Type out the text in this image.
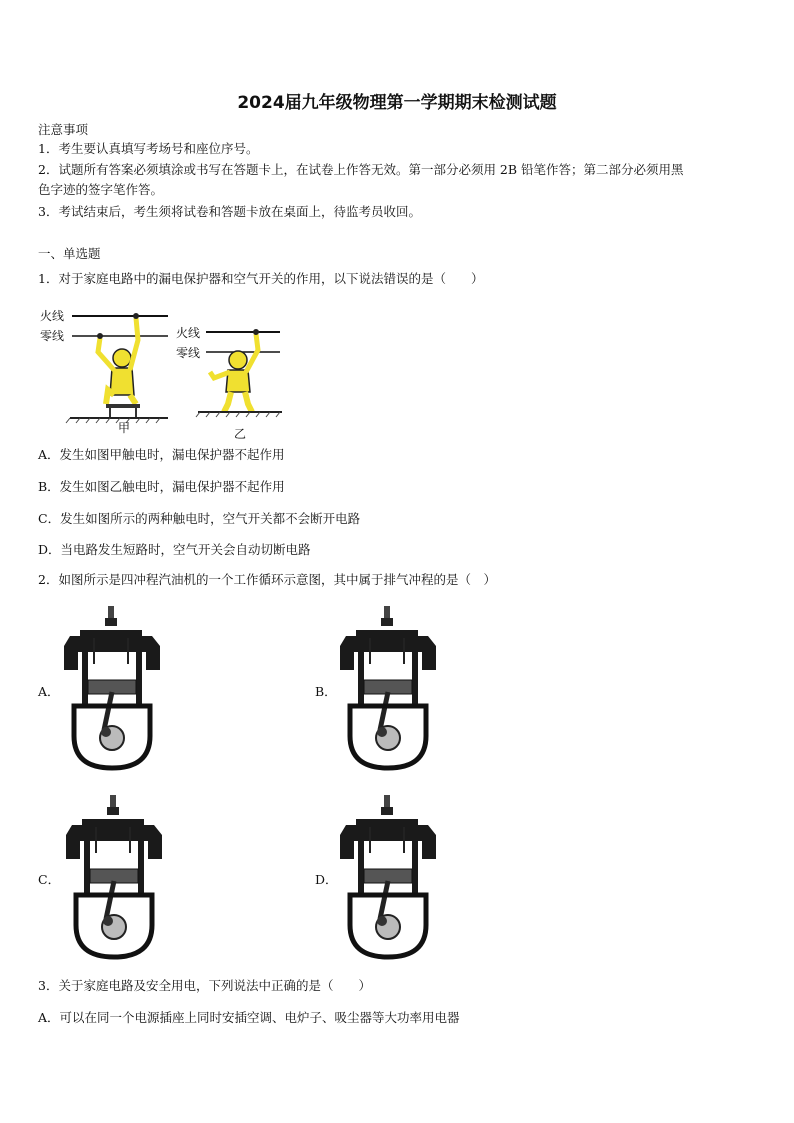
2024届九年级物理第一学期期末检测试题
注意事项
1．考生要认真填写考场号和座位序号。
2．试题所有答案必须填涂或书写在答题卡上，在试卷上作答无效。第一部分必须用 2B 铅笔作答；第二部分必须用黑
色字迹的签字笔作答。
3．考试结束后，考生须将试卷和答题卡放在桌面上，待监考员收回。
一、单选题
1．对于家庭电路中的漏电保护器和空气开关的作用，以下说法错误的是（　　）
火线
零线
甲
火线
零线
乙
A．发生如图甲触电时，漏电保护器不起作用
B．发生如图乙触电时，漏电保护器不起作用
C．发生如图所示的两种触电时，空气开关都不会断开电路
D．当电路发生短路时，空气开关会自动切断电路
2．如图所示是四冲程汽油机的一个工作循环示意图，其中属于排气冲程的是（　）
A．	B．
C．	D．
3．关于家庭电路及安全用电，下列说法中正确的是（　　）
A．可以在同一个电源插座上同时安插空调、电炉子、吸尘器等大功率用电器
